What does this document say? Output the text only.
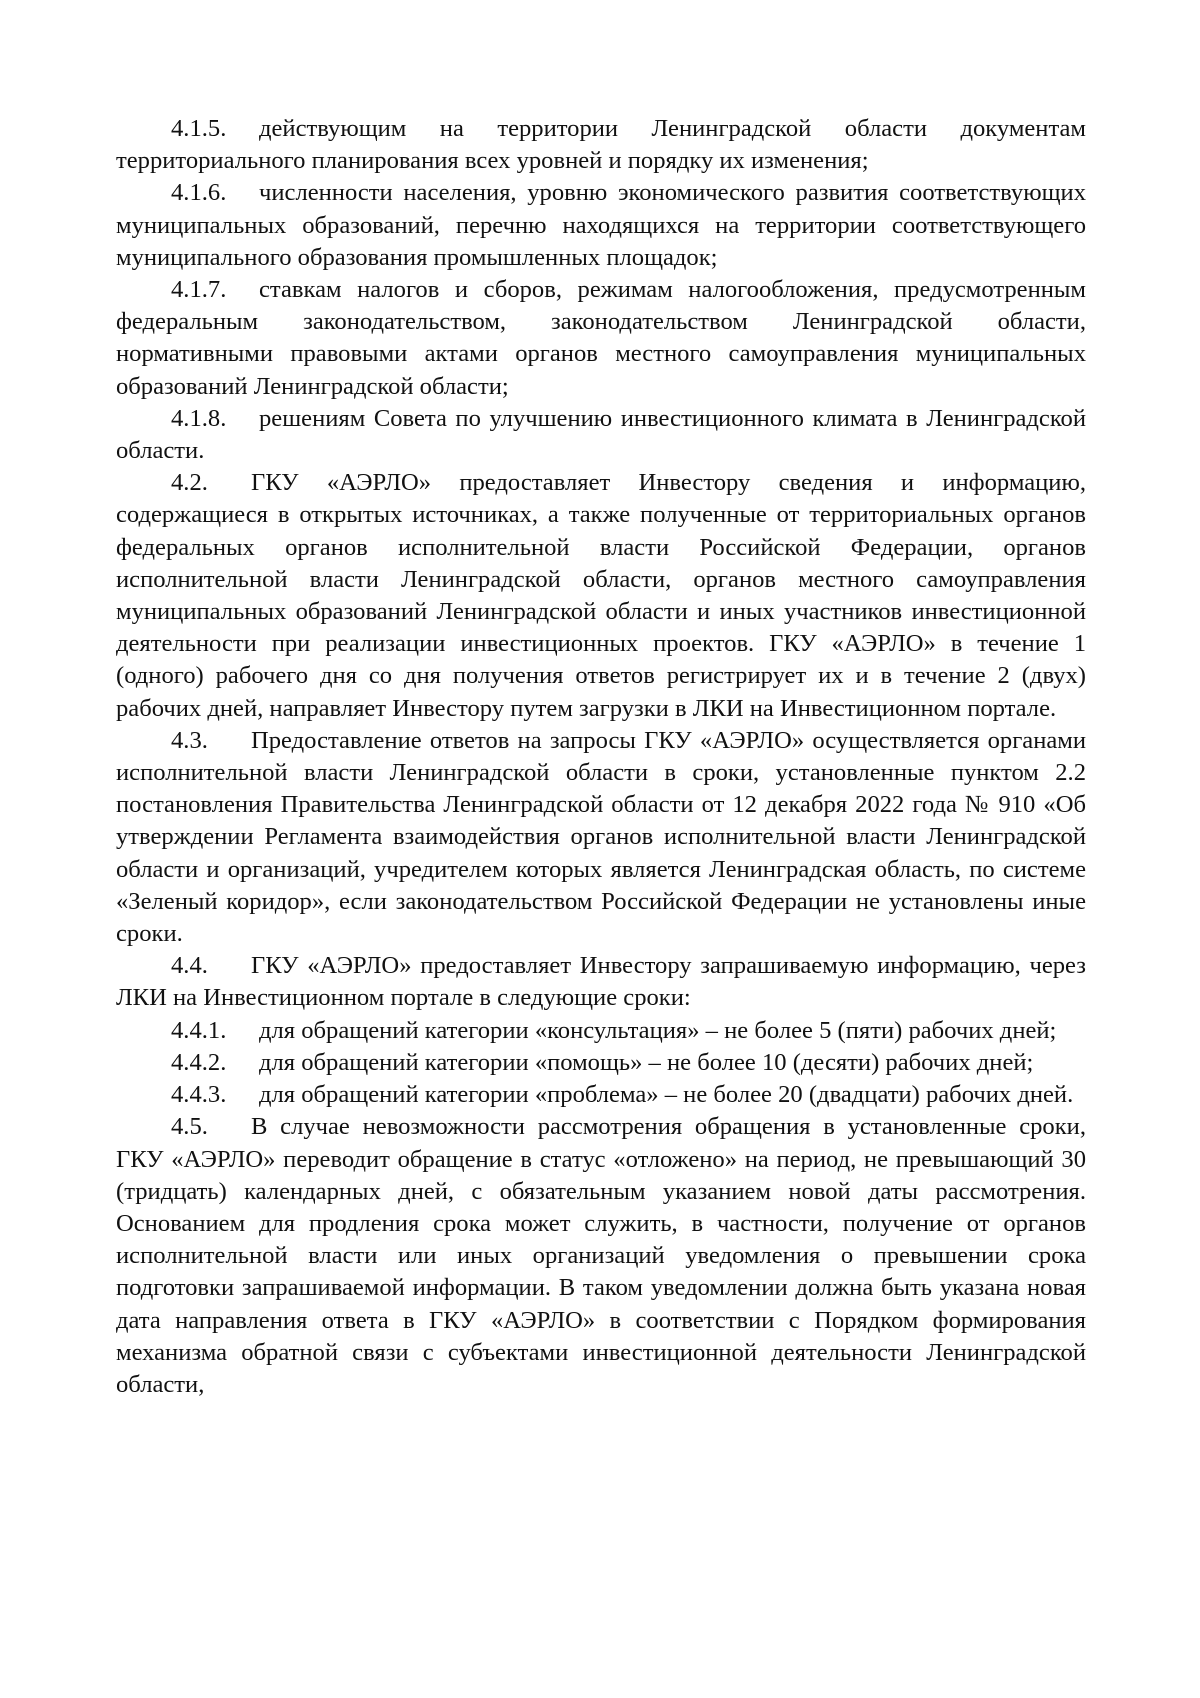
4.1.5. действующим на территории Ленинградской области документам территориального планирования всех уровней и порядку их изменения;

4.1.6. численности населения, уровню экономического развития соответствующих муниципальных образований, перечню находящихся на территории соответствующего муниципального образования промышленных площадок;

4.1.7. ставкам налогов и сборов, режимам налогообложения, предусмотренным федеральным законодательством, законодательством Ленинградской области, нормативными правовыми актами органов местного самоуправления муниципальных образований Ленинградской области;

4.1.8. решениям Совета по улучшению инвестиционного климата в Ленинградской области.

4.2. ГКУ «АЭРЛО» предоставляет Инвестору сведения и информацию, содержащиеся в открытых источниках, а также полученные от территориальных органов федеральных органов исполнительной власти Российской Федерации, органов исполнительной власти Ленинградской области, органов местного самоуправления муниципальных образований Ленинградской области и иных участников инвестиционной деятельности при реализации инвестиционных проектов. ГКУ «АЭРЛО» в течение 1 (одного) рабочего дня со дня получения ответов регистрирует их и в течение 2 (двух) рабочих дней, направляет Инвестору путем загрузки в ЛКИ на Инвестиционном портале.

4.3. Предоставление ответов на запросы ГКУ «АЭРЛО» осуществляется органами исполнительной власти Ленинградской области в сроки, установленные пунктом 2.2 постановления Правительства Ленинградской области от 12 декабря 2022 года № 910 «Об утверждении Регламента взаимодействия органов исполнительной власти Ленинградской области и организаций, учредителем которых является Ленинградская область, по системе «Зеленый коридор», если законодательством Российской Федерации не установлены иные сроки.

4.4. ГКУ «АЭРЛО» предоставляет Инвестору запрашиваемую информацию, через ЛКИ на Инвестиционном портале в следующие сроки:

4.4.1. для обращений категории «консультация» – не более 5 (пяти) рабочих дней;

4.4.2. для обращений категории «помощь» – не более 10 (десяти) рабочих дней;

4.4.3. для обращений категории «проблема» – не более 20 (двадцати) рабочих дней.

4.5. В случае невозможности рассмотрения обращения в установленные сроки, ГКУ «АЭРЛО» переводит обращение в статус «отложено» на период, не превышающий 30 (тридцать) календарных дней, с обязательным указанием новой даты рассмотрения. Основанием для продления срока может служить, в частности, получение от органов исполнительной власти или иных организаций уведомления о превышении срока подготовки запрашиваемой информации. В таком уведомлении должна быть указана новая дата направления ответа в ГКУ «АЭРЛО» в соответствии с Порядком формирования механизма обратной связи с субъектами инвестиционной деятельности Ленинградской области,
